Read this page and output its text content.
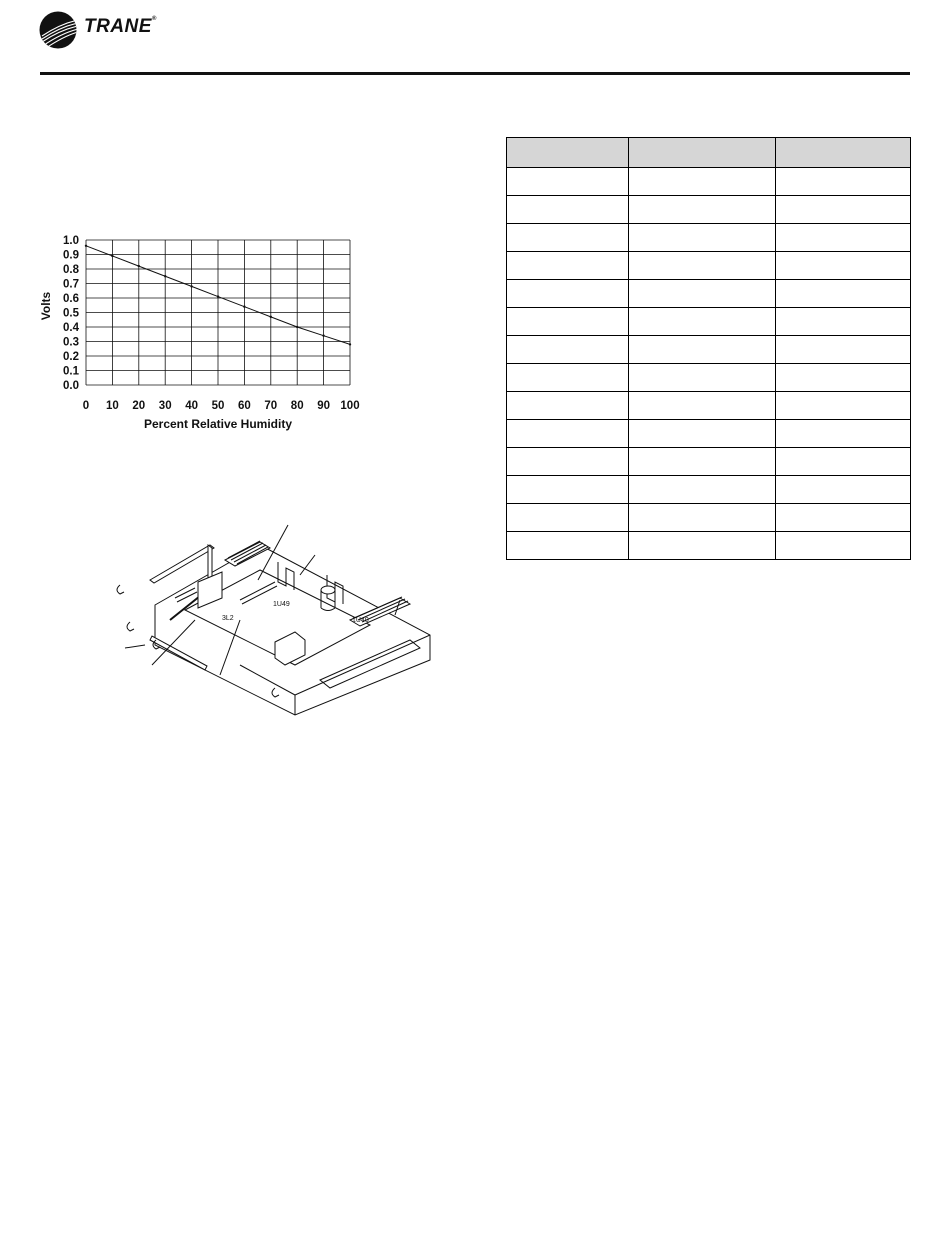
TRANE®
0.0
0.1
0.2
0.3
0.4
0.5
0.6
0.7
0.8
0.9
1.0
0 10 20 30 40 50 60 70 80 90 100
Volts
Percent Relative Humidity
1U49
1U40
3L2
